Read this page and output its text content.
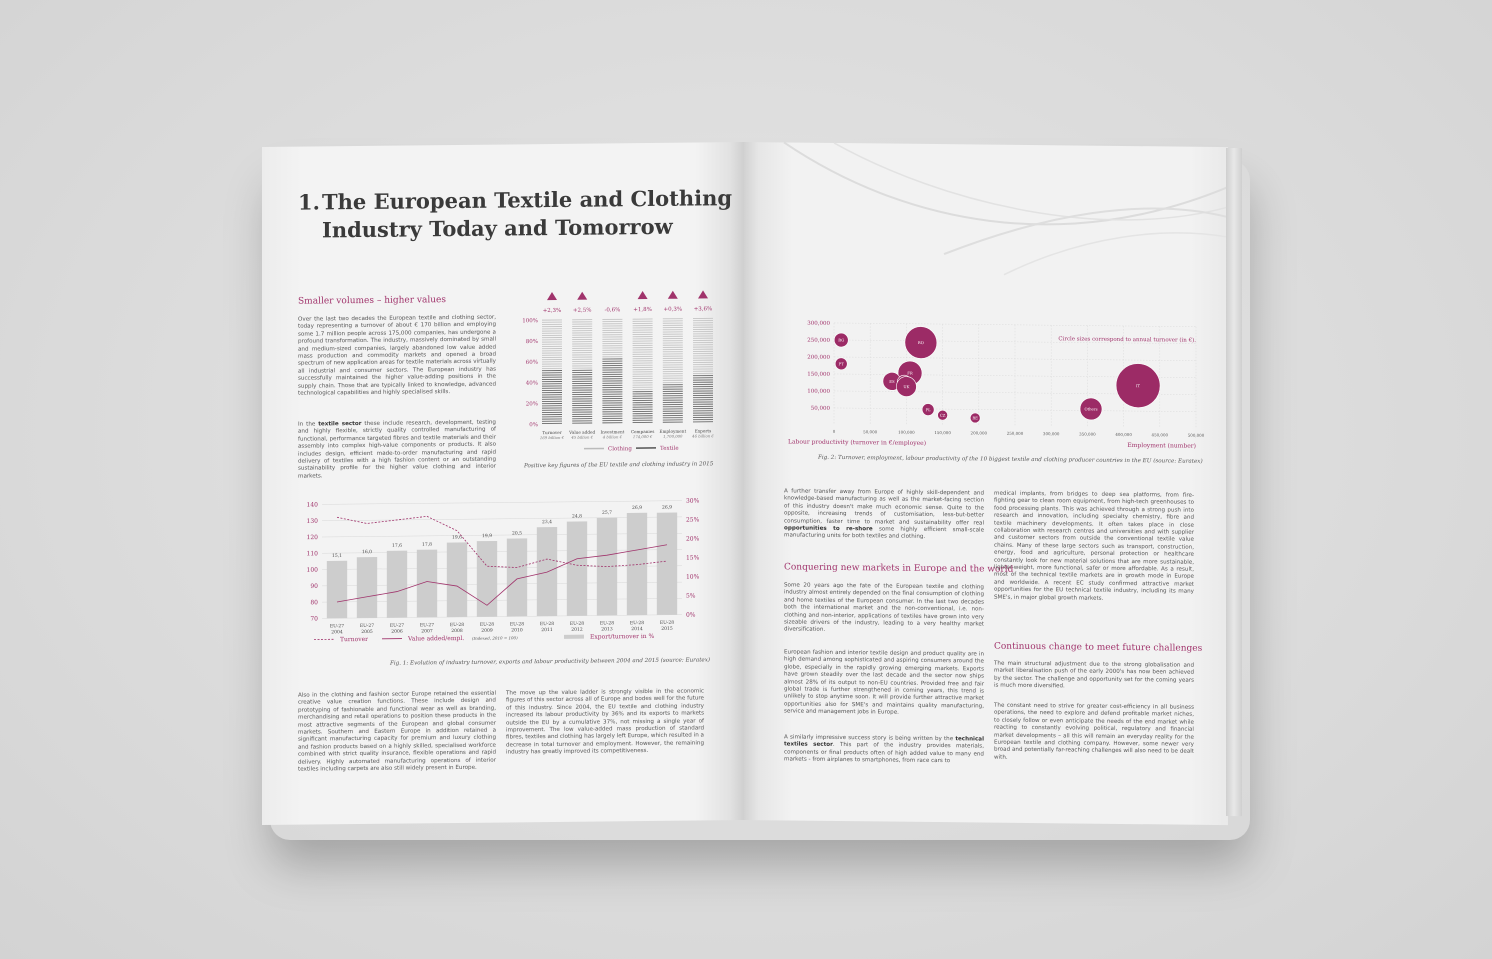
1. The European Textile and Clothing
Industry Today and Tomorrow
Smaller volumes – higher values
Over the last two decades the European textile and clothing sector, today representing a turnover of about € 170 billion and employing some 1.7 million people across 175,000 companies, has undergone a profound transformation. The industry, massively dominated by small and medium-sized companies, largely abandoned low value added mass production and commodity markets and opened a broad spectrum of new application areas for textile materials across virtually all industrial and consumer sectors. The European industry has successfully maintained the higher value-adding positions in the supply chain. Those that are typically linked to knowledge, advanced technological capabilities and highly specialised skills.
In the textile sector these include research, development, testing and highly flexible, strictly quality controlled manufacturing of functional, performance targeted fibres and textile materials and their assembly into complex high-value components or products. It also includes design, efficient made-to-order manufacturing and rapid delivery of textiles with a high fashion content or an outstanding sustainability profile for the higher value clothing and interior markets.
100%
80%
60%
40%
20%
0%
+2,3%
Turnover
169 billion €
+2,5%
Value added
45 billion €
-0,6%
Investment
4 billion €
+1,8%
Companies
174,000 €
+0,3%
Employment
1,700,000
+3,6%
Exports
46 billion €
Clothing	Textile
Positive key figures of the EU textile and clothing industry in 2015
140
130
120
110
100
90
80
70
30%
25%
20%
15%
10%
5%
0%
15,1
EU-27
2004
16,0
EU-27
2005
17,6
EU-27
2006
17,8
EU-27
2007
19,6
EU-28
2008
19,9
EU-28
2009
20,5
EU-28
2010
23,4
EU-28
2011
24,8
EU-28
2012
25,7
EU-28
2013
26,9
EU-28
2014
26,9
EU-28
2015
Turnover	Value added/empl. (Indexed, 2010 = 100)	Export/turnover in %
Fig. 1: Evolution of industry turnover, exports and labour productivity between 2004 and 2015 (source: Euratex)
Also in the clothing and fashion sector Europe retained the essential creative value creation functions. These include design and prototyping of fashionable and functional wear as well as branding, merchandising and retail operations to position these products in the most attractive segments of the European and global consumer markets. Southern and Eastern Europe in addition retained a significant manufacturing capacity for premium and luxury clothing and fashion products based on a highly skilled, specialised workforce combined with strict quality insurance, flexible operations and rapid delivery. Highly automated manufacturing operations of interior textiles including carpets are also still widely present in Europe.
The move up the value ladder is strongly visible in the economic figures of this sector across all of Europe and bodes well for the future of this industry. Since 2004, the EU textile and clothing industry increased its labour productivity by 36% and its exports to markets outside the EU by a cumulative 37%, not missing a single year of improvement. The low value-added mass production of standard fibres, textiles and clothing has largely left Europe, which resulted in a decrease in total turnover and employment. However, the remaining industry has greatly improved its competitiveness.
300,000
250,000
200,000
150,000
100,000
50,000
0	50,000	100,000	150,000	200,000	250,000	300,000	350,000	400,000	450,000	500,000
Labour productivity (turnover in €/employee)	Employment (number)
Circle sizes correspond to annual turnover (in €).
BG
RO
PT
FR
ES
UK
PL
CZ
BE
Others
IT
Fig. 2: Turnover, employment, labour productivity of the 10 biggest textile and clothing producer countries in the EU (source: Euratex)
A further transfer away from Europe of highly skill-dependent and knowledge-based manufacturing as well as the market-facing section of this industry doesn't make much economic sense. Quite to the opposite, increasing trends of customisation, less-but-better consumption, faster time to market and sustainability offer real opportunities to re-shore some highly efficient small-scale manufacturing units for both textiles and clothing.
Conquering new markets in Europe and the world
Some 20 years ago the fate of the European textile and clothing industry almost entirely depended on the final consumption of clothing and home textiles of the European consumer. In the last two decades both the international market and the non-conventional, i.e. non-clothing and non-interior, applications of textiles have grown into very sizeable drivers of the industry, leading to a very healthy market diversification.
European fashion and interior textile design and product quality are in high demand among sophisticated and aspiring consumers around the globe, especially in the rapidly growing emerging markets. Exports have grown steadily over the last decade and the sector now ships almost 28% of its output to non-EU countries. Provided free and fair global trade is further strengthened in coming years, this trend is unlikely to stop anytime soon. It will provide further attractive market opportunities also for SME's and maintains quality manufacturing, service and management jobs in Europe.
A similarly impressive success story is being written by the technical textiles sector. This part of the industry provides materials, components or final products often of high added value to many end markets - from airplanes to smartphones, from race cars to
medical implants, from bridges to deep sea platforms, from fire-fighting gear to clean room equipment, from high-tech greenhouses to food processing plants. This was achieved through a strong push into research and innovation, including specialty chemistry, fibre and textile machinery developments. It often takes place in close collaboration with research centres and universities and with supplier and customer sectors from outside the conventional textile value chains. Many of these large sectors such as transport, construction, energy, food and agriculture, personal protection or healthcare constantly look for new material solutions that are more sustainable, lighter-weight, more functional, safer or more affordable. As a result, most of the technical textile markets are in growth mode in Europe and worldwide. A recent EC study confirmed attractive market opportunities for the EU technical textile industry, including its many SME's, in major global growth markets.
Continuous change to meet future challenges
The main structural adjustment due to the strong globalisation and market liberalisation push of the early 2000's has now been achieved by the sector. The challenge and opportunity set for the coming years is much more diversified.
The constant need to strive for greater cost-efficiency in all business operations, the need to explore and defend profitable market niches, to closely follow or even anticipate the needs of the end market while reacting to constantly evolving political, regulatory and financial market developments – all this will remain an everyday reality for the European textile and clothing company. However, some newer very broad and potentially far-reaching challenges will also need to be dealt with.
